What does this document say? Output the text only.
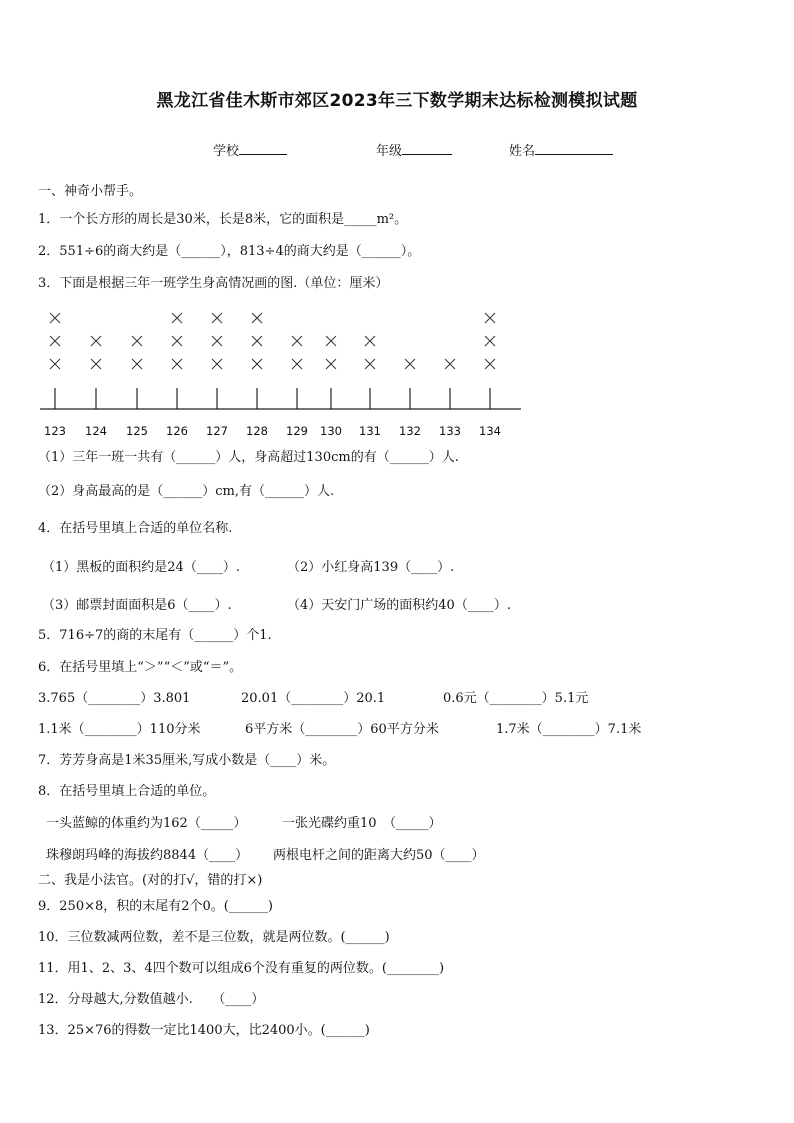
黑龙江省佳木斯市郊区2023年三下数学期末达标检测模拟试题
学校	年级	姓名
一、神奇小帮手。
1．一个长方形的周长是30米，长是8米，它的面积是_____m²。
2．551÷6的商大约是（______），813÷4的商大约是（______）。
3．下面是根据三年一班学生身高情况画的图.（单位：厘米）
123 124 125 126 127 128 129 130 131 132 133 134
（1）三年一班一共有（______）人，身高超过130cm的有（______）人.
（2）身高最高的是（______）cm,有（______）人.
4．在括号里填上合适的单位名称.
（1）黑板的面积约是24（____）.	（2）小红身高139（____）.
（3）邮票封面面积是6（____）.	（4）天安门广场的面积约40（____）.
5．716÷7的商的末尾有（______）个1.
6．在括号里填上“＞”“＜”或“＝”。
3.765（________）3.801	20.01（________）20.1	0.6元（________）5.1元
1.1米（________）110分米	6平方米（________）60平方分米	1.7米（________）7.1米
7．芳芳身高是1米35厘米,写成小数是（____）米。
8．在括号里填上合适的单位。
一头蓝鲸的体重约为162（_____）	一张光碟约重10　（_____）
珠穆朗玛峰的海拔约8844（____） 两根电杆之间的距离大约50（____）
二、我是小法官。(对的打√，错的打×)
9．250×8，积的末尾有2个0。(______)
10．三位数减两位数，差不是三位数，就是两位数。(______)
11．用1、2、3、4四个数可以组成6个没有重复的两位数。(________)
12．分母越大,分数值越小.　　（____）
13．25×76的得数一定比1400大，比2400小。(______)
